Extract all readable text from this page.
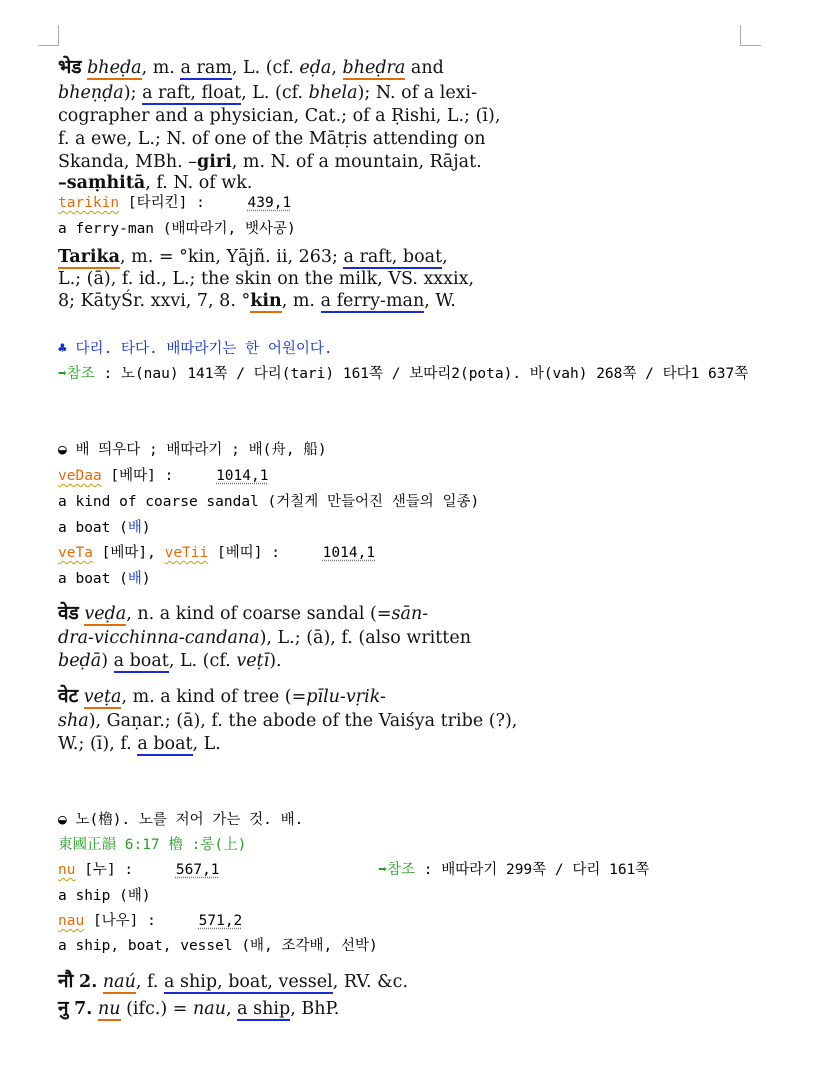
भेड bheḍa, m. a ram, L. (cf. eḍa, bheḍra and
bheṇḍa); a raft, float, L. (cf. bhela); N. of a lexi-
cographer and a physician, Cat.; of a Ṛishi, L.; (ī),
f. a ewe, L.; N. of one of the Mātṛis attending on
Skanda, MBh. –giri, m. N. of a mountain, Rājat.
–saṃhitā, f. N. of wk.
tarikin [타리킨] :	439,1
a ferry-man (배따라기, 뱃사공)
Tarika, m. = °kin, Yājñ. ii, 263; a raft, boat,
L.; (ā), f. id., L.; the skin on the milk, VS. xxxix,
8; KātyŚr. xxvi, 7, 8. °kin, m. a ferry-man, W.
♣ 다리. 타다. 배따라기는 한 어원이다.
➡참조 : 노(nau) 141쪽 / 다리(tari) 161쪽 / 보따리2(pota). 바(vah) 268쪽 / 타다1 637쪽
◒ 배 띄우다 ; 배따라기 ; 배(舟, 船)
veDaa [베따] :	1014,1
a kind of coarse sandal (거칠게 만들어진 샌들의 일종)
a boat (배)
veTa [베따], veTii [베띠] :	1014,1
a boat (배)
वेड veḍa, n. a kind of coarse sandal (=sān-
dra-vicchinna-candana), L.; (ā), f. (also written
beḍā) a boat, L. (cf. veṭī).
वेट veṭa, m. a kind of tree (=pīlu-vṛik-
sha), Gaṇar.; (ā), f. the abode of the Vaiśya tribe (?),
W.; (ī), f. a boat, L.
◒ 노(櫓). 노를 저어 가는 것. 배.
東國正韻 6:17 櫓 :롱(上)
nu [누] :	567,1	➡참조 : 배따라기 299쪽 / 다리 161쪽
a ship (배)
nau [나우] :	571,2
a ship, boat, vessel (배, 조각배, 선박)
नौ 2. naú, f. a ship, boat, vessel, RV. &c.
नु 7. nu (ifc.) = nau, a ship, BhP.
